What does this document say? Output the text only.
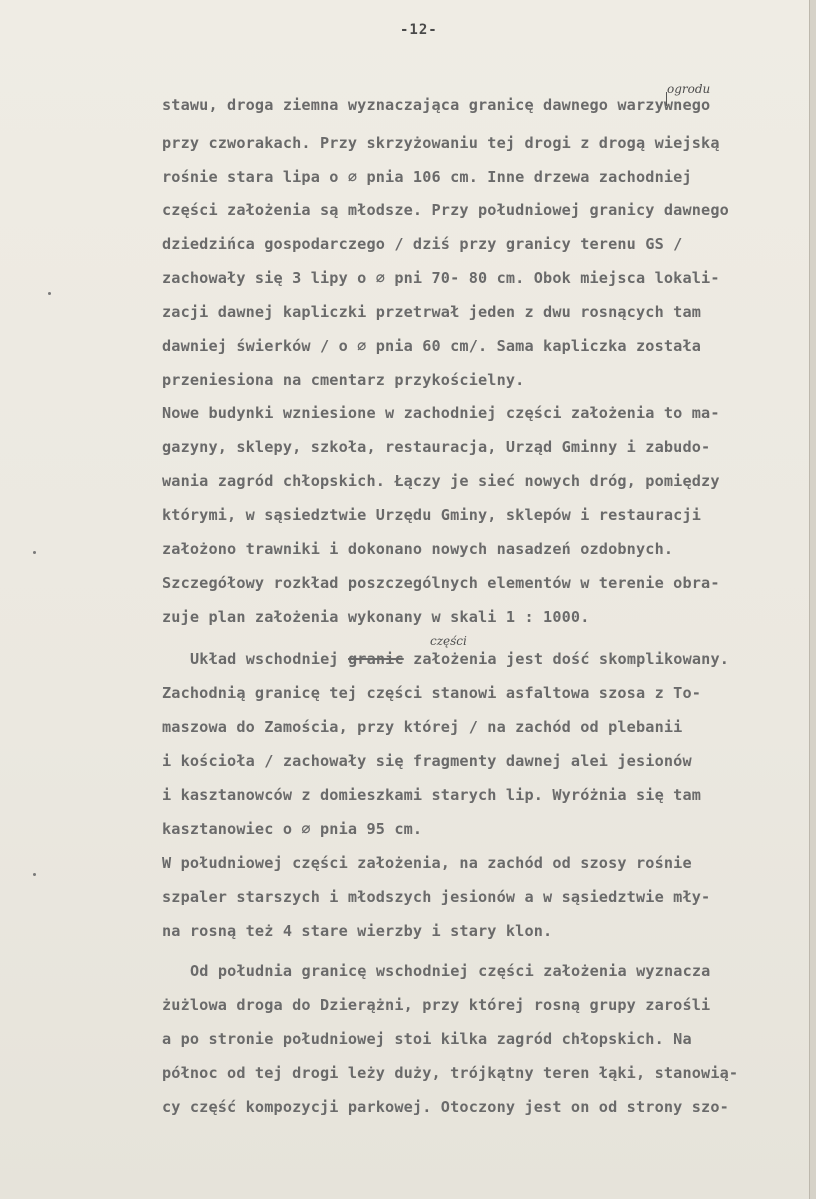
-12-
ogrodu
stawu, droga ziemna wyznaczająca granicę dawnego warzywnego
przy czworakach. Przy skrzyżowaniu tej drogi z drogą wiejską
rośnie stara lipa o ∅ pnia 106 cm. Inne drzewa zachodniej
części założenia są młodsze. Przy południowej granicy dawnego
dziedzińca gospodarczego / dziś przy granicy terenu GS /
zachowały się 3 lipy o ∅ pni 70- 80 cm. Obok miejsca lokali-
zacji dawnej kapliczki przetrwał jeden z dwu rosnących tam
dawniej świerków / o ∅ pnia 60 cm/. Sama kapliczka została
przeniesiona na cmentarz przykościelny.
Nowe budynki wzniesione w zachodniej części założenia to ma-
gazyny, sklepy, szkoła, restauracja, Urząd Gminny i zabudo-
wania zagród chłopskich. Łączy je sieć nowych dróg, pomiędzy
którymi, w sąsiedztwie Urzędu Gminy, sklepów i restauracji
założono trawniki i dokonano nowych nasadzeń ozdobnych.
Szczegółowy rozkład poszczególnych elementów w terenie obra-
zuje plan założenia wykonany w skali 1 : 1000.
części
Układ wschodniej granic założenia jest dość skomplikowany.
Zachodnią granicę tej części stanowi asfaltowa szosa z To-
maszowa do Zamościa, przy której / na zachód od plebanii
i kościoła / zachowały się fragmenty dawnej alei jesionów
i kasztanowców z domieszkami starych lip. Wyróżnia się tam
kasztanowiec o ∅ pnia 95 cm.
W południowej części założenia, na zachód od szosy rośnie
szpaler starszych i młodszych jesionów a w sąsiedztwie mły-
na rosną też 4 stare wierzby i stary klon.
Od południa granicę wschodniej części założenia wyznacza
żużlowa droga do Dzierążni, przy której rosną grupy zarośli
a po stronie południowej stoi kilka zagród chłopskich. Na
północ od tej drogi leży duży, trójkątny teren łąki, stanowią-
cy część kompozycji parkowej. Otoczony jest on od strony szo-
